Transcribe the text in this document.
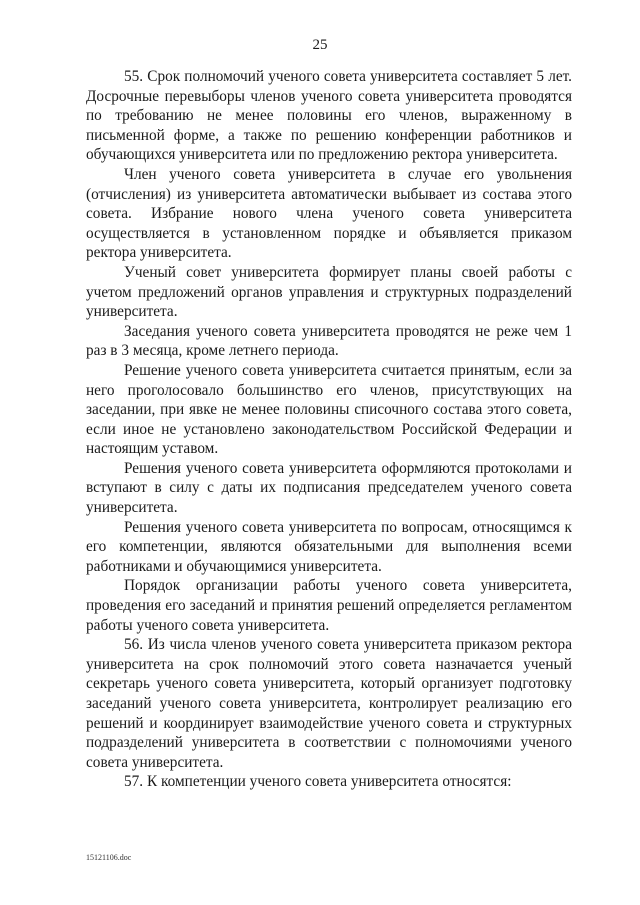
25

55. Срок полномочий ученого совета университета составляет 5 лет. Досрочные перевыборы членов ученого совета университета проводятся по требованию не менее половины его членов, выраженному в письменной форме, а также по решению конференции работников и обучающихся университета или по предложению ректора университета.

Член ученого совета университета в случае его увольнения (отчисления) из университета автоматически выбывает из состава этого совета. Избрание нового члена ученого совета университета осуществляется в установленном порядке и объявляется приказом ректора университета.

Ученый совет университета формирует планы своей работы с учетом предложений органов управления и структурных подразделений университета.

Заседания ученого совета университета проводятся не реже чем 1 раз в 3 месяца, кроме летнего периода.

Решение ученого совета университета считается принятым, если за него проголосовало большинство его членов, присутствующих на заседании, при явке не менее половины списочного состава этого совета, если иное не установлено законодательством Российской Федерации и настоящим уставом.

Решения ученого совета университета оформляются протоколами и вступают в силу с даты их подписания председателем ученого совета университета.

Решения ученого совета университета по вопросам, относящимся к его компетенции, являются обязательными для выполнения всеми работниками и обучающимися университета.

Порядок организации работы ученого совета университета, проведения его заседаний и принятия решений определяется регламентом работы ученого совета университета.

56. Из числа членов ученого совета университета приказом ректора университета на срок полномочий этого совета назначается ученый секретарь ученого совета университета, который организует подготовку заседаний ученого совета университета, контролирует реализацию его решений и координирует взаимодействие ученого совета и структурных подразделений университета в соответствии с полномочиями ученого совета университета.

57. К компетенции ученого совета университета относятся:

15121106.doc
